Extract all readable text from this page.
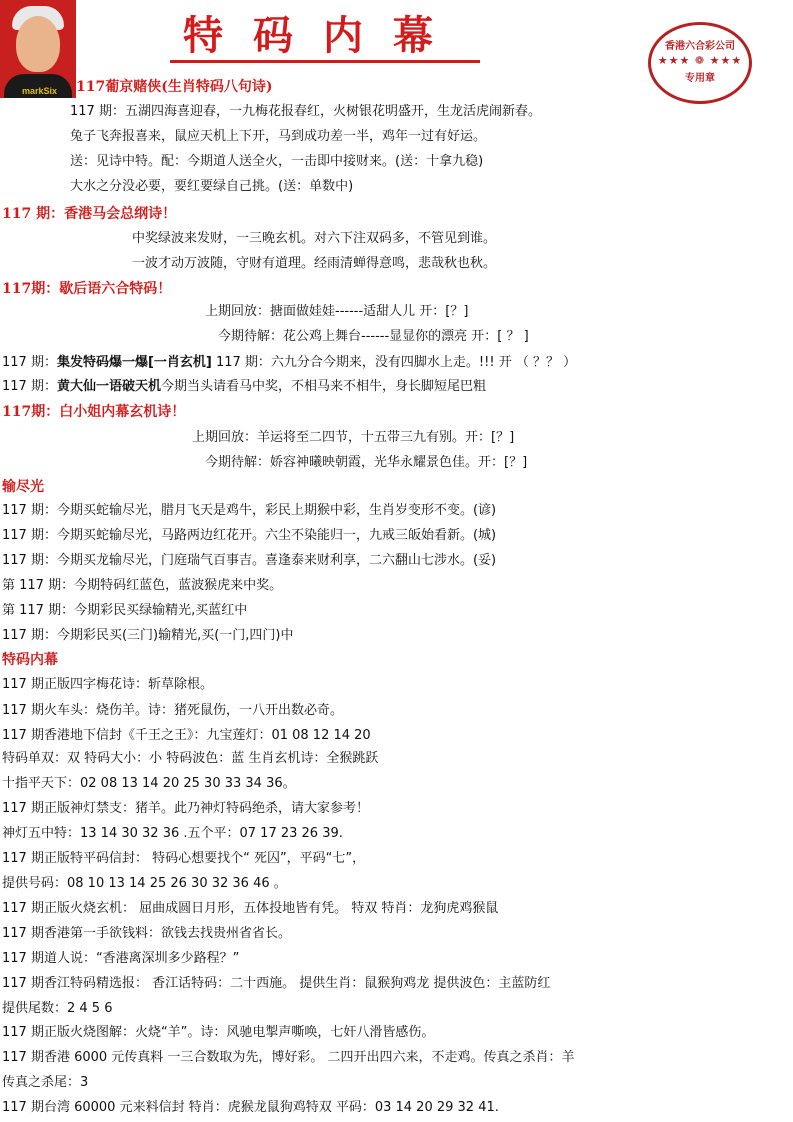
markSix
特码内幕	香港六合彩公司
★★★ ❁ ★★★
专用章
117葡京赌侠(生肖特码八句诗)
117 期：五湖四海喜迎春，一九梅花报春红，火树银花明盛开，生龙活虎闹新春。
兔子飞奔报喜来，鼠应天机上下开，马到成功差一半，鸡年一过有好运。
送：见诗中特。配：今期道人送全火，一击即中接财来。(送：十拿九稳)
大水之分没必要，要红要绿自己挑。(送：单数中)
117 期：香港马会总纲诗！
中奖绿波来发财，一三晚玄机。对六下注双码多，不管见到谁。
一波才动万波随，守财有道理。经雨清蝉得意鸣，悲哉秋也秋。
117期：歇后语六合特码！
上期回放：搪面做娃娃------适甜人儿 开：[？]
今期待解：花公鸡上舞台------显显你的漂亮 开：[ ？ ]
117 期：集发特码爆一爆[一肖玄机] 117 期：六九分合今期来，没有四脚水上走。!!! 开 （ ？？ ）
117 期：黄大仙一语破天机今期当头请看马中奖，不相马来不相牛，身长脚短尾巴粗
117期：白小姐内幕玄机诗！
上期回放：羊运将至二四节，十五带三九有别。开：[？]
今期待解：娇容神曦映朝霞，光华永耀景色佳。开：[？]
输尽光
117 期：今期买蛇输尽光，腊月飞天是鸡牛，彩民上期猴中彩，生肖岁变形不变。(谚)
117 期：今期买蛇输尽光，马路两边红花开。六尘不染能归一，九戒三皈始看新。(城)
117 期：今期买龙输尽光，门庭瑞气百事吉。喜逢泰来财利享，二六翻山七涉水。(妥)
第 117 期：今期特码红蓝色，蓝波猴虎来中奖。
第 117 期：今期彩民买绿输精光,买蓝红中
117 期：今期彩民买(三门)输精光,买(一门,四门)中
特码内幕
117 期正版四字梅花诗：斩草除根。
117 期火车头：烧伤羊。诗：猪死鼠伤，一八开出数必奇。
117 期香港地下信封《千王之王》：九宝莲灯：01 08 12 14 20
特码单双：双 特码大小：小 特码波色：蓝 生肖玄机诗：全猴跳跃
十指平天下：02 08 13 14 20 25 30 33 34 36。
117 期正版神灯禁支：猪羊。此乃神灯特码绝杀，请大家参考！
神灯五中特：13 14 30 32 36 .五个平：07 17 23 26 39.
117 期正版特平码信封： 特码心想要找个“ 死囚”，平码“七”，
提供号码：08 10 13 14 25 26 30 32 36 46 。
117 期正版火烧玄机： 屈曲成圆日月形，五体投地皆有凭。 特双 特肖：龙狗虎鸡猴鼠
117 期香港第一手欲钱料：欲钱去找贵州省省长。
117 期道人说：“香港离深圳多少路程？”
117 期香江特码精选报： 香江话特码：二十西施。 提供生肖：鼠猴狗鸡龙 提供波色：主蓝防红
提供尾数：2 4 5 6
117 期正版火烧图解：火烧“羊”。诗：风驰电掣声嘶唤，七奸八滑皆感伤。
117 期香港 6000 元传真料 一三合数取为先，博好彩。 二四开出四六来，不走鸡。传真之杀肖：羊
传真之杀尾：3
117 期台湾 60000 元来料信封 特肖：虎猴龙鼠狗鸡特双 平码：03 14 20 29 32 41.
